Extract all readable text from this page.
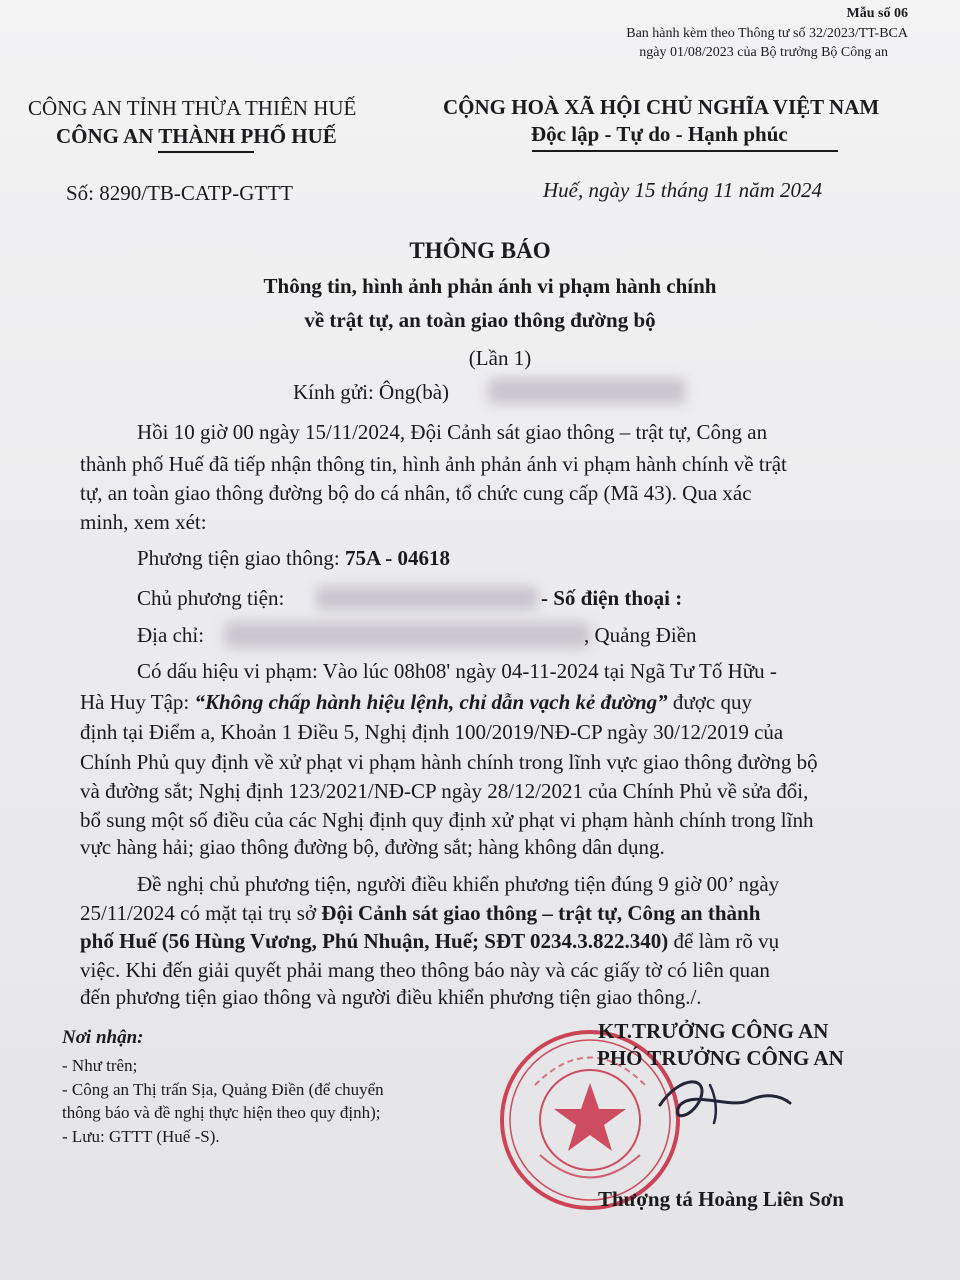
Mẫu số 06
Ban hành kèm theo Thông tư số 32/2023/TT-BCA
ngày 01/08/2023 của Bộ trưởng Bộ Công an
CÔNG AN TỈNH THỪA THIÊN HUẾ
CÔNG AN THÀNH PHỐ HUẾ
CỘNG HOÀ XÃ HỘI CHỦ NGHĨA VIỆT NAM
Độc lập - Tự do - Hạnh phúc
Số: 8290/TB-CATP-GTTT	Huế, ngày 15 tháng 11 năm 2024
THÔNG BÁO
Thông tin, hình ảnh phản ánh vi phạm hành chính
về trật tự, an toàn giao thông đường bộ
(Lần 1)
Kính gửi: Ông(bà)
Hồi 10 giờ 00 ngày 15/11/2024, Đội Cảnh sát giao thông – trật tự, Công an
thành phố Huế đã tiếp nhận thông tin, hình ảnh phản ánh vi phạm hành chính về trật
tự, an toàn giao thông đường bộ do cá nhân, tổ chức cung cấp (Mã 43). Qua xác
minh, xem xét:
Phương tiện giao thông: 75A - 04618
Chủ phương tiện:	- Số điện thoại :
Địa chỉ:	, Quảng Điền
Có dấu hiệu vi phạm: Vào lúc 08h08' ngày 04-11-2024 tại Ngã Tư Tố Hữu -
Hà Huy Tập: “Không chấp hành hiệu lệnh, chỉ dẫn vạch kẻ đường” được quy
định tại Điểm a, Khoản 1 Điều 5, Nghị định 100/2019/NĐ-CP ngày 30/12/2019 của
Chính Phủ quy định về xử phạt vi phạm hành chính trong lĩnh vực giao thông đường bộ
và đường sắt; Nghị định 123/2021/NĐ-CP ngày 28/12/2021 của Chính Phủ về sửa đổi,
bổ sung một số điều của các Nghị định quy định xử phạt vi phạm hành chính trong lĩnh
vực hàng hải; giao thông đường bộ, đường sắt; hàng không dân dụng.
Đề nghị chủ phương tiện, người điều khiển phương tiện đúng 9 giờ 00’ ngày
25/11/2024 có mặt tại trụ sở Đội Cảnh sát giao thông – trật tự, Công an thành
phố Huế (56 Hùng Vương, Phú Nhuận, Huế; SĐT 0234.3.822.340) để làm rõ vụ
việc. Khi đến giải quyết phải mang theo thông báo này và các giấy tờ có liên quan
đến phương tiện giao thông và người điều khiển phương tiện giao thông./.
Nơi nhận:
- Như trên;
- Công an Thị trấn Sịa, Quảng Điền (để chuyển
thông báo và đề nghị thực hiện theo quy định);
- Lưu: GTTT (Huế -S).
KT.TRƯỞNG CÔNG AN
PHÓ TRƯỞNG CÔNG AN
Thượng tá Hoàng Liên Sơn
